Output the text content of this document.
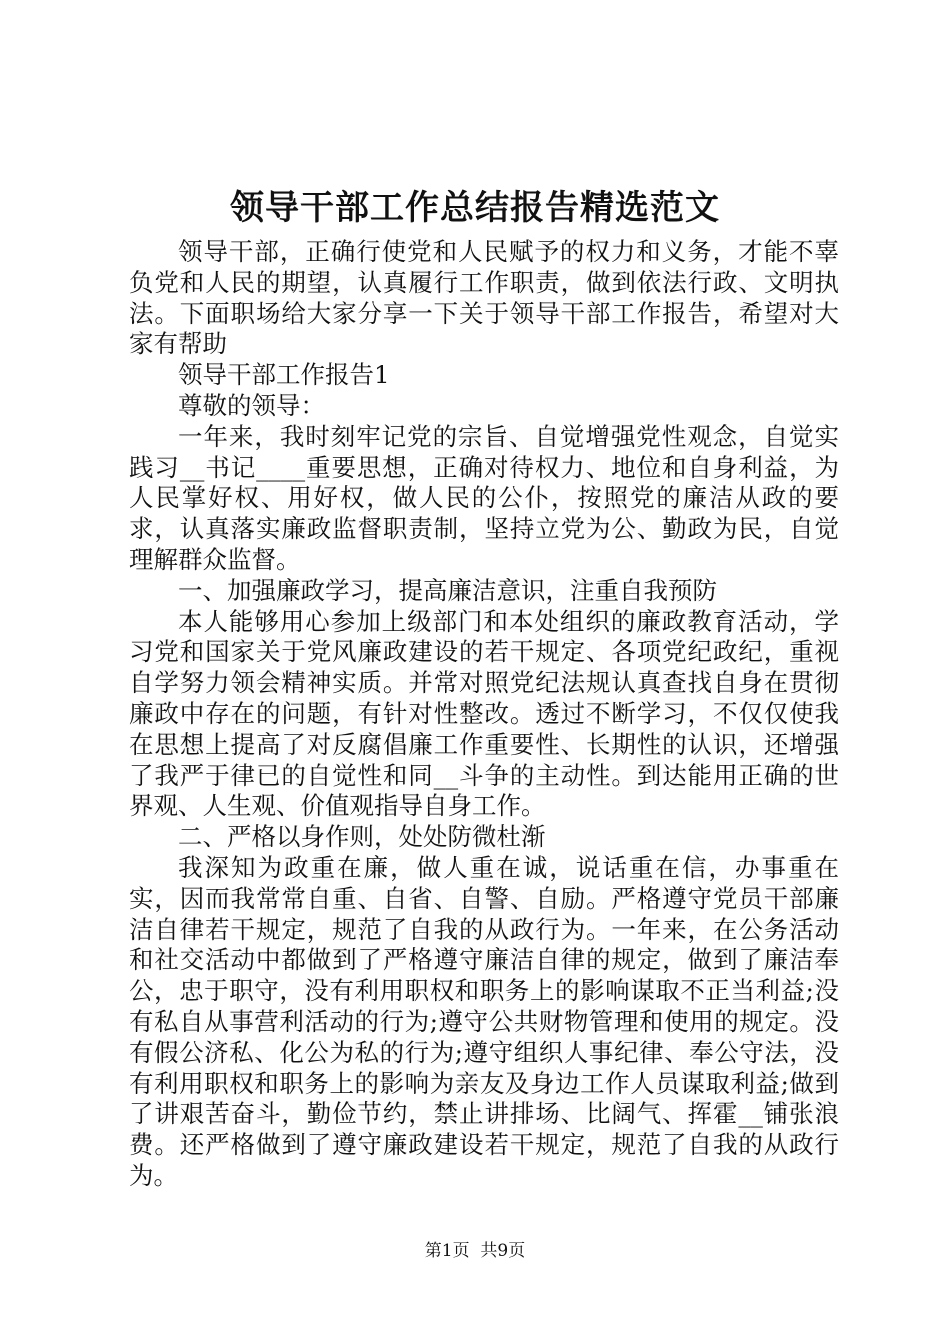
领导干部工作总结报告精选范文

领导干部，正确行使党和人民赋予的权力和义务，才能不辜负党和人民的期望，认真履行工作职责，做到依法行政、文明执法。下面职场给大家分享一下关于领导干部工作报告，希望对大家有帮助

领导干部工作报告1

尊敬的领导：

一年来，我时刻牢记党的宗旨、自觉增强党性观念，自觉实践习__书记____重要思想，正确对待权力、地位和自身利益，为人民掌好权、用好权，做人民的公仆，按照党的廉洁从政的要求，认真落实廉政监督职责制，坚持立党为公、勤政为民，自觉理解群众监督。

一、加强廉政学习，提高廉洁意识，注重自我预防

本人能够用心参加上级部门和本处组织的廉政教育活动，学习党和国家关于党风廉政建设的若干规定、各项党纪政纪，重视自学努力领会精神实质。并常对照党纪法规认真查找自身在贯彻廉政中存在的问题，有针对性整改。透过不断学习，不仅仅使我在思想上提高了对反腐倡廉工作重要性、长期性的认识，还增强了我严于律已的自觉性和同__斗争的主动性。到达能用正确的世界观、人生观、价值观指导自身工作。

二、严格以身作则，处处防微杜渐

我深知为政重在廉，做人重在诚，说话重在信，办事重在实，因而我常常自重、自省、自警、自励。严格遵守党员干部廉洁自律若干规定，规范了自我的从政行为。一年来，在公务活动和社交活动中都做到了严格遵守廉洁自律的规定，做到了廉洁奉公，忠于职守，没有利用职权和职务上的影响谋取不正当利益;没有私自从事营利活动的行为;遵守公共财物管理和使用的规定。没有假公济私、化公为私的行为;遵守组织人事纪律、奉公守法，没有利用职权和职务上的影响为亲友及身边工作人员谋取利益;做到了讲艰苦奋斗，勤俭节约，禁止讲排场、比阔气、挥霍__铺张浪费。还严格做到了遵守廉政建设若干规定，规范了自我的从政行为。

第1页 共9页
